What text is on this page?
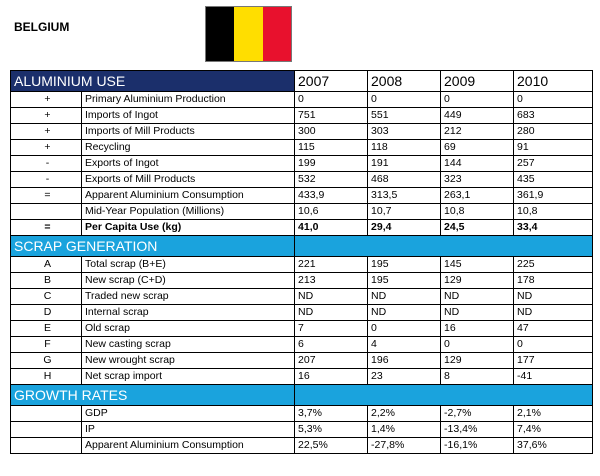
BELGIUM
ALUMINIUM USE		2007	2008	2009	2010
+	Primary Aluminium Production	0	0	0	0
+	Imports of Ingot	751	551	449	683
+	Imports of Mill Products	300	303	212	280
+	Recycling	115	118	69	91
-	Exports of Ingot	199	191	144	257
-	Exports of Mill Products	532	468	323	435
=	Apparent Aluminium Consumption	433,9	313,5	263,1	361,9
	Mid-Year Population (Millions)	10,6	10,7	10,8	10,8
=	Per Capita Use (kg)	41,0	29,4	24,5	33,4
SCRAP GENERATION					
A	Total scrap (B+E)	221	195	145	225
B	New scrap (C+D)	213	195	129	178
C	Traded new scrap	ND	ND	ND	ND
D	Internal scrap	ND	ND	ND	ND
E	Old scrap	7	0	16	47
F	New casting scrap	6	4	0	0
G	New wrought scrap	207	196	129	177
H	Net scrap import	16	23	8	-41
GROWTH RATES					
	GDP	3,7%	2,2%	-2,7%	2,1%
	IP	5,3%	1,4%	-13,4%	7,4%
	Apparent Aluminium Consumption	22,5%	-27,8%	-16,1%	37,6%
